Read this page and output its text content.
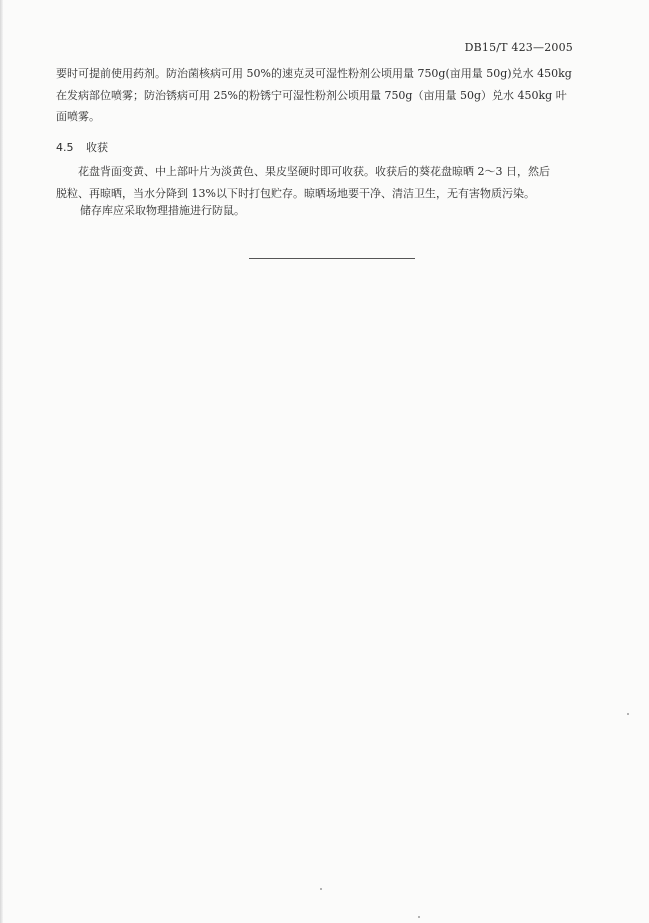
DB15/T 423—2005
要时可提前使用药剂。防治菌核病可用 50%的速克灵可湿性粉剂公顷用量 750g(亩用量 50g)兑水 450kg
在发病部位喷雾；防治锈病可用 25%的粉锈宁可湿性粉剂公顷用量 750g（亩用量 50g）兑水 450kg 叶
面喷雾。
4.5 收获
　　花盘背面变黄、中上部叶片为淡黄色、果皮坚硬时即可收获。收获后的葵花盘晾晒 2～3 日，然后
脱粒、再晾晒，当水分降到 13%以下时打包贮存。晾晒场地要干净、清洁卫生，无有害物质污染。
储存库应采取物理措施进行防鼠。
